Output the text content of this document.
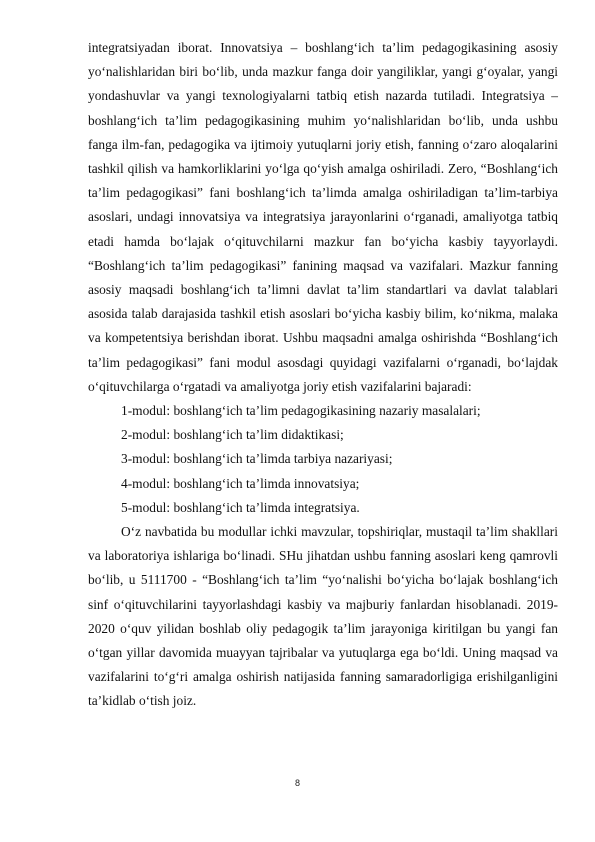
integratsiyadan iborat. Innovatsiya – boshlang‘ich ta’lim pedagogikasining asosiy yo‘nalishlaridan biri bo‘lib, unda mazkur fanga doir yangiliklar, yangi g‘oyalar, yangi yondashuvlar va yangi texnologiyalarni tatbiq etish nazarda tutiladi. Integratsiya – boshlang‘ich ta’lim pedagogikasining muhim yo‘nalishlaridan bo‘lib, unda ushbu fanga ilm-fan, pedagogika va ijtimoiy yutuqlarni joriy etish, fanning o‘zaro aloqalarini tashkil qilish va hamkorliklarini yo‘lga qo‘yish amalga oshiriladi. Zero, “Boshlang‘ich ta’lim pedagogikasi” fani boshlang‘ich ta’limda amalga oshiriladigan ta’lim-tarbiya asoslari, undagi innovatsiya va integratsiya jarayonlarini o‘rganadi, amaliyotga tatbiq etadi hamda bo‘lajak o‘qituvchilarni mazkur fan bo‘yicha kasbiy tayyorlaydi. “Boshlang‘ich ta’lim pedagogikasi” fanining maqsad va vazifalari. Mazkur fanning asosiy maqsadi boshlang‘ich ta’limni davlat ta’lim standartlari va davlat talablari asosida talab darajasida tashkil etish asoslari bo‘yicha kasbiy bilim, ko‘nikma, malaka va kompetentsiya berishdan iborat. Ushbu maqsadni amalga oshirishda “Boshlang‘ich ta’lim pedagogikasi” fani modul asosdagi quyidagi vazifalarni o‘rganadi, bo‘lajdak o‘qituvchilarga o‘rgatadi va amaliyotga joriy etish vazifalarini bajaradi:

1-modul: boshlang‘ich ta’lim pedagogikasining nazariy masalalari;
2-modul: boshlang‘ich ta’lim didaktikasi;
3-modul: boshlang‘ich ta’limda tarbiya nazariyasi;
4-modul: boshlang‘ich ta’limda innovatsiya;
5-modul: boshlang‘ich ta’limda integratsiya.

O‘z navbatida bu modullar ichki mavzular, topshiriqlar, mustaqil ta’lim shakllari va laboratoriya ishlariga bo‘linadi. SHu jihatdan ushbu fanning asoslari keng qamrovli bo‘lib, u 5111700 - “Boshlang‘ich ta’lim “yo‘nalishi bo‘yicha bo‘lajak boshlang‘ich sinf o‘qituvchilarini tayyorlashdagi kasbiy va majburiy fanlardan hisoblanadi. 2019-2020 o‘quv yilidan boshlab oliy pedagogik ta’lim jarayoniga kiritilgan bu yangi fan o‘tgan yillar davomida muayyan tajribalar va yutuqlarga ega bo‘ldi. Uning maqsad va vazifalarini to‘g‘ri amalga oshirish natijasida fanning samaradorligiga erishilganligini ta’kidlab o‘tish joiz.

8
